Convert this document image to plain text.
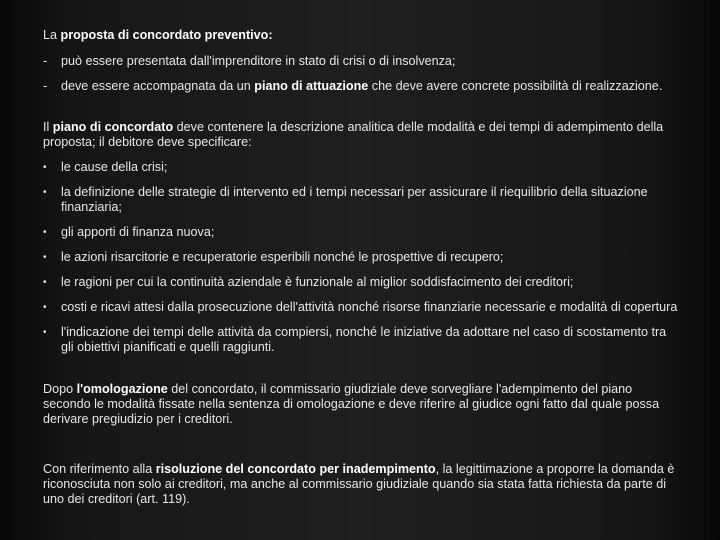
La proposta di concordato preventivo:
-	può essere presentata dall'imprenditore in stato di crisi o di insolvenza;
-	deve essere accompagnata da un piano di attuazione che deve avere concrete possibilità di realizzazione.
Il piano di concordato deve contenere la descrizione analitica delle modalità e dei tempi di adempimento della proposta; il debitore deve specificare:
•	le cause della crisi;
•	la definizione delle strategie di intervento ed i tempi necessari per assicurare il riequilibrio della situazione finanziaria;
•	gli apporti di finanza nuova;
•	le azioni risarcitorie e recuperatorie esperibili nonché le prospettive di recupero;
•	le ragioni per cui la continuità aziendale è funzionale al miglior soddisfacimento dei creditori;
•	costi e ricavi attesi dalla prosecuzione dell'attività nonché risorse finanziarie necessarie e modalità di copertura
•	l'indicazione dei tempi delle attività da compiersi, nonché le iniziative da adottare nel caso di scostamento tra gli obiettivi pianificati e quelli raggiunti.
Dopo l'omologazione del concordato, il commissario giudiziale deve sorvegliare l'adempimento del piano secondo le modalità fissate nella sentenza di omologazione e deve riferire al giudice ogni fatto dal quale possa derivare pregiudizio per i creditori.
Con riferimento alla risoluzione del concordato per inadempimento, la legittimazione a proporre la domanda è riconosciuta non solo ai creditori, ma anche al commissario giudiziale quando sia stata fatta richiesta da parte di uno dei creditori (art. 119).
